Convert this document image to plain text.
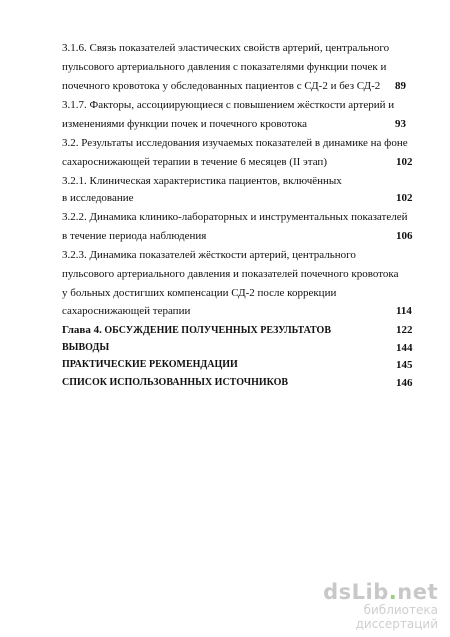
3.1.6. Связь показателей эластических свойств артерий, центрального
пульсового артериального давления с показателями функции почек и
почечного кровотока у обследованных пациентов с СД-2 и без СД-2 89
3.1.7. Факторы, ассоциирующиеся с повышением жёсткости артерий и
изменениями функции почек и почечного кровотока	93
3.2. Результаты исследования изучаемых показателей в динамике на фоне
сахароснижающей терапии в течение 6 месяцев (II этап)	102
3.2.1. Клиническая характеристика пациентов, включённых
в исследование	102
3.2.2. Динамика клинико-лабораторных и инструментальных показателей
в течение периода наблюдения	106
3.2.3. Динамика показателей жёсткости артерий, центрального
пульсового артериального давления и показателей почечного кровотока
у больных достигших компенсации СД-2 после коррекции
сахароснижающей терапии	114
Глава 4. ОБСУЖДЕНИЕ ПОЛУЧЕННЫХ РЕЗУЛЬТАТОВ	122
ВЫВОДЫ	144
ПРАКТИЧЕСКИЕ РЕКОМЕНДАЦИИ	145
СПИСОК ИСПОЛЬЗОВАННЫХ ИСТОЧНИКОВ	146
dsLib.net
библиотека диссертаций
